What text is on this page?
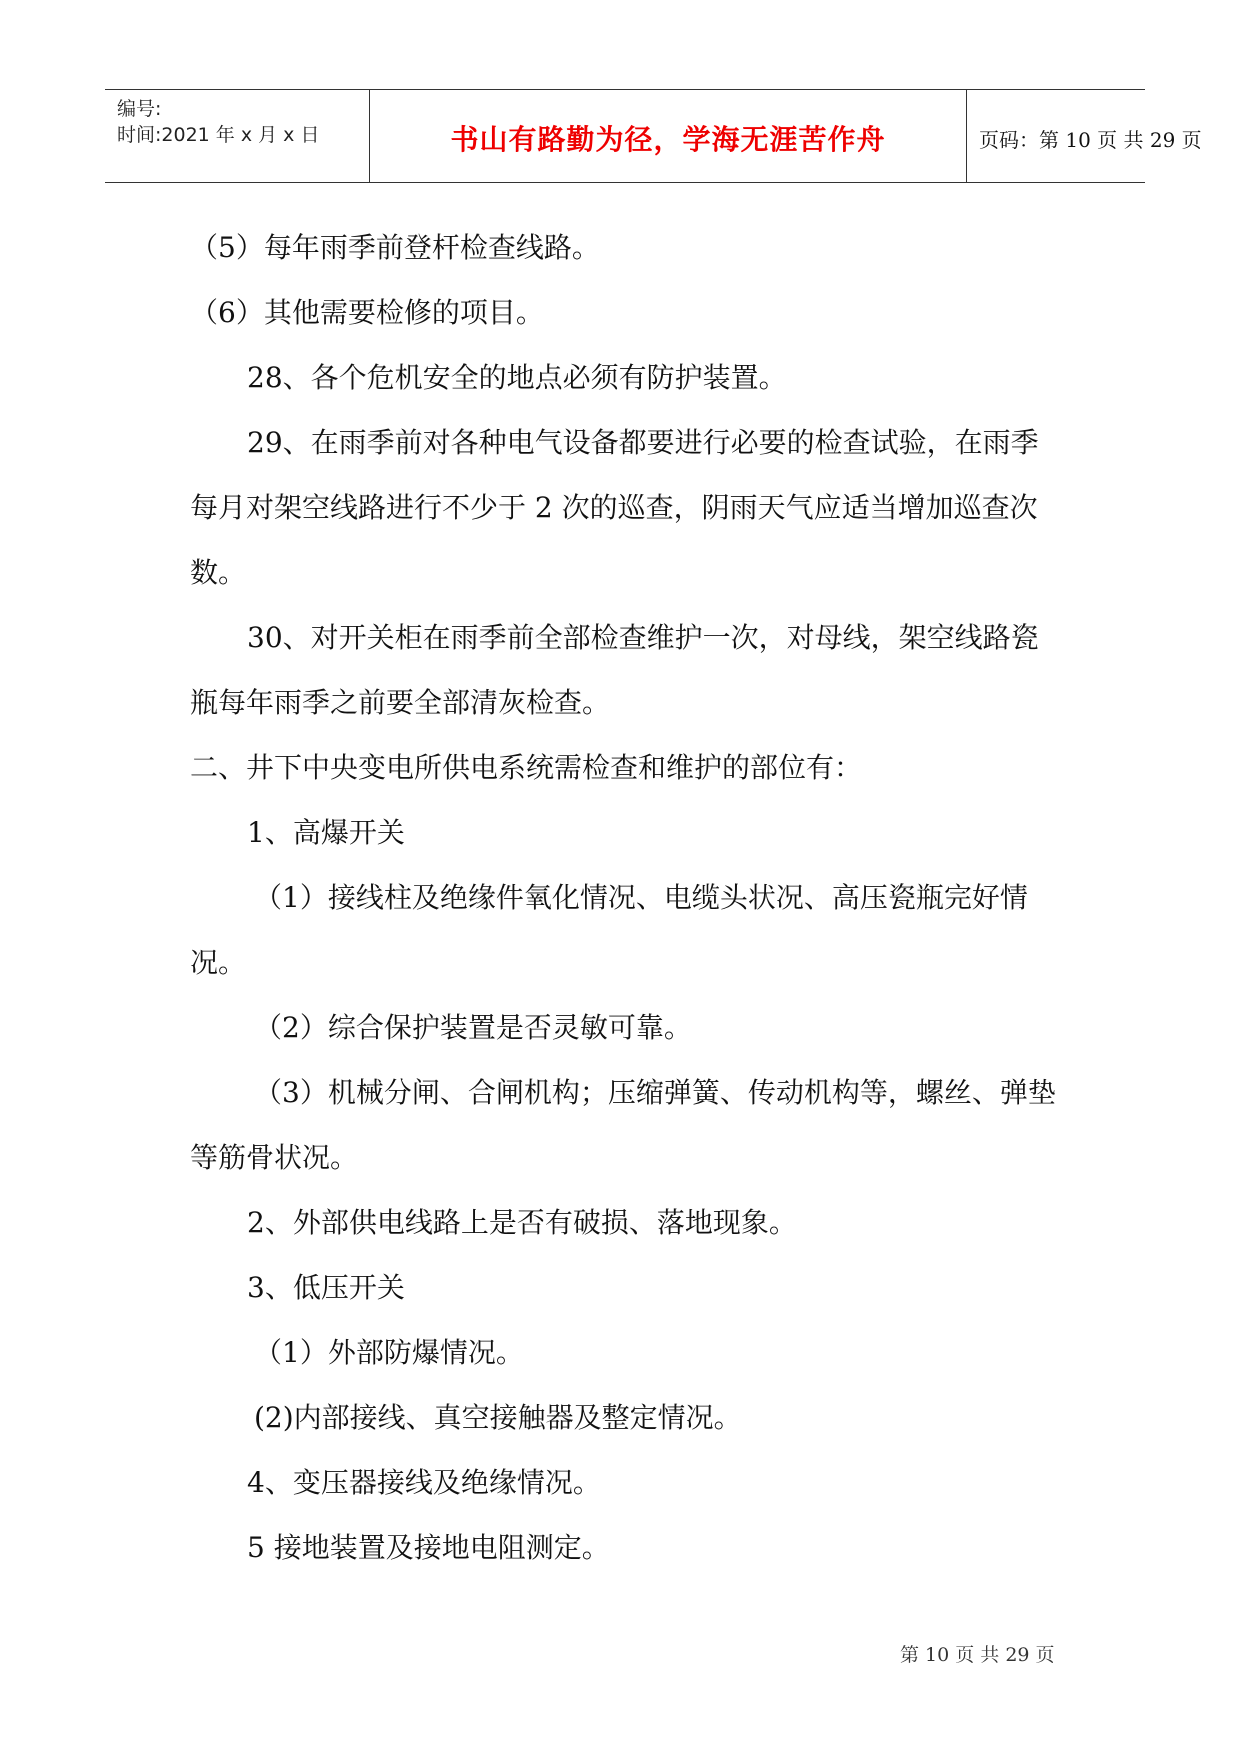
编号:
时间:2021 年 x 月 x 日	书山有路勤为径，学海无涯苦作舟	页码：第 10 页 共 29 页

（5）每年雨季前登杆检查线路。

（6）其他需要检修的项目。

28、各个危机安全的地点必须有防护装置。

29、在雨季前对各种电气设备都要进行必要的检查试验，在雨季每月对架空线路进行不少于 2 次的巡查，阴雨天气应适当增加巡查次数。

30、对开关柜在雨季前全部检查维护一次，对母线，架空线路瓷瓶每年雨季之前要全部清灰检查。

二、井下中央变电所供电系统需检查和维护的部位有：

1、高爆开关

（1）接线柱及绝缘件氧化情况、电缆头状况、高压瓷瓶完好情况。

（2）综合保护装置是否灵敏可靠。

（3）机械分闸、合闸机构；压缩弹簧、传动机构等，螺丝、弹垫等筋骨状况。

2、外部供电线路上是否有破损、落地现象。

3、低压开关

（1）外部防爆情况。

(2)内部接线、真空接触器及整定情况。

4、变压器接线及绝缘情况。

5 接地装置及接地电阻测定。

第 10 页 共 29 页
